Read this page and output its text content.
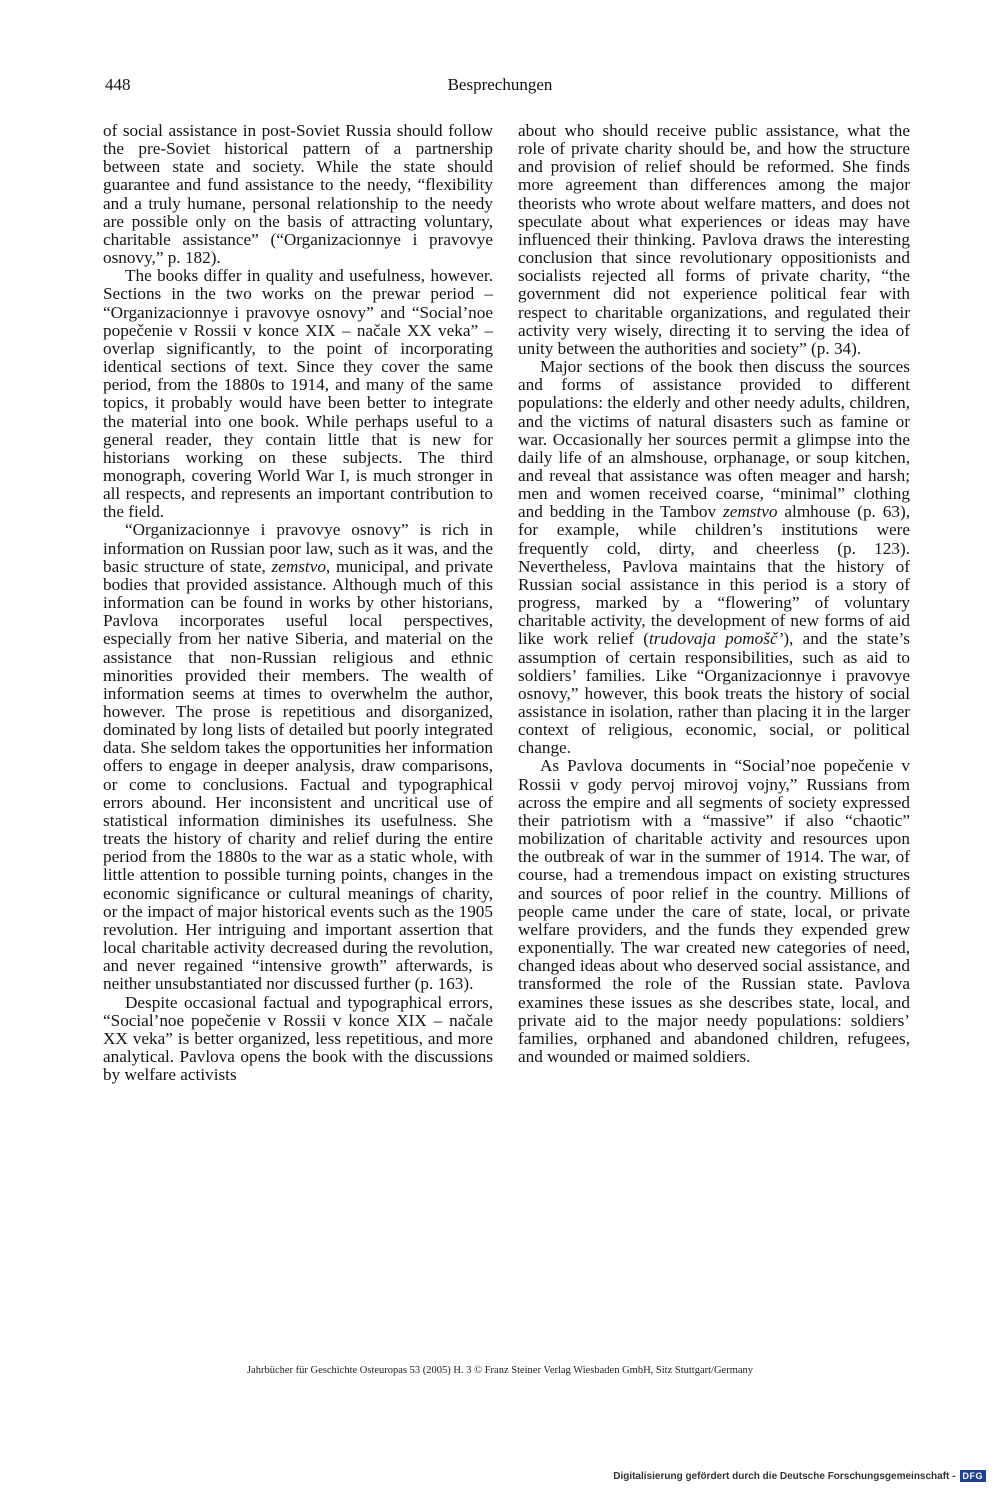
448	Besprechungen

of social assistance in post-Soviet Russia should follow the pre-Soviet historical pattern of a partnership between state and society. While the state should guarantee and fund assistance to the needy, “flexibility and a truly humane, personal relationship to the needy are possible only on the basis of attracting voluntary, charitable assistance” (“Organizacionnye i pravovye osnovy,” p. 182).

The books differ in quality and usefulness, however. Sections in the two works on the prewar period – “Organizacionnye i pravovye osnovy” and “Social’noe popečenie v Rossii v konce XIX – načale XX veka” – overlap significantly, to the point of incorporating identical sections of text. Since they cover the same period, from the 1880s to 1914, and many of the same topics, it probably would have been better to integrate the material into one book. While perhaps useful to a general reader, they contain little that is new for historians working on these subjects. The third monograph, covering World War I, is much stronger in all respects, and represents an important contribution to the field.

“Organizacionnye i pravovye osnovy” is rich in information on Russian poor law, such as it was, and the basic structure of state, zemstvo, municipal, and private bodies that provided assistance. Although much of this information can be found in works by other historians, Pavlova incorporates useful local perspectives, especially from her native Siberia, and material on the assistance that non-Russian religious and ethnic minorities provided their members. The wealth of information seems at times to overwhelm the author, however. The prose is repetitious and disorganized, dominated by long lists of detailed but poorly integrated data. She seldom takes the opportunities her information offers to engage in deeper analysis, draw comparisons, or come to conclusions. Factual and typographical errors abound. Her inconsistent and uncritical use of statistical information diminishes its usefulness. She treats the history of charity and relief during the entire period from the 1880s to the war as a static whole, with little attention to possible turning points, changes in the economic significance or cultural meanings of charity, or the impact of major historical events such as the 1905 revolution. Her intriguing and important assertion that local charitable activity decreased during the revolution, and never regained “intensive growth” afterwards, is neither unsubstantiated nor discussed further (p. 163).

Despite occasional factual and typographical errors, “Social’noe popečenie v Rossii v konce XIX – načale XX veka” is better organized, less repetitious, and more analytical. Pavlova opens the book with the discussions by welfare activists

about who should receive public assistance, what the role of private charity should be, and how the structure and provision of relief should be reformed. She finds more agreement than differences among the major theorists who wrote about welfare matters, and does not speculate about what experiences or ideas may have influenced their thinking. Pavlova draws the interesting conclusion that since revolutionary oppositionists and socialists rejected all forms of private charity, “the government did not experience political fear with respect to charitable organizations, and regulated their activity very wisely, directing it to serving the idea of unity between the authorities and society” (p. 34).

Major sections of the book then discuss the sources and forms of assistance provided to different populations: the elderly and other needy adults, children, and the victims of natural disasters such as famine or war. Occasionally her sources permit a glimpse into the daily life of an almshouse, orphanage, or soup kitchen, and reveal that assistance was often meager and harsh; men and women received coarse, “minimal” clothing and bedding in the Tambov zemstvo almhouse (p. 63), for example, while children’s institutions were frequently cold, dirty, and cheerless (p. 123). Nevertheless, Pavlova maintains that the history of Russian social assistance in this period is a story of progress, marked by a “flowering” of voluntary charitable activity, the development of new forms of aid like work relief (trudovaja pomošč’), and the state’s assumption of certain responsibilities, such as aid to soldiers’ families. Like “Organizacionnye i pravovye osnovy,” however, this book treats the history of social assistance in isolation, rather than placing it in the larger context of religious, economic, social, or political change.

As Pavlova documents in “Social’noe popečenie v Rossii v gody pervoj mirovoj vojny,” Russians from across the empire and all segments of society expressed their patriotism with a “massive” if also “chaotic” mobilization of charitable activity and resources upon the outbreak of war in the summer of 1914. The war, of course, had a tremendous impact on existing structures and sources of poor relief in the country. Millions of people came under the care of state, local, or private welfare providers, and the funds they expended grew exponentially. The war created new categories of need, changed ideas about who deserved social assistance, and transformed the role of the Russian state. Pavlova examines these issues as she describes state, local, and private aid to the major needy populations: soldiers’ families, orphaned and abandoned children, refugees, and wounded or maimed soldiers.

Jahrbücher für Geschichte Osteuropas 53 (2005) H. 3 © Franz Steiner Verlag Wiesbaden GmbH, Sitz Stuttgart/Germany
Digitalisierung gefördert durch die Deutsche Forschungsgemeinschaft - DFG
